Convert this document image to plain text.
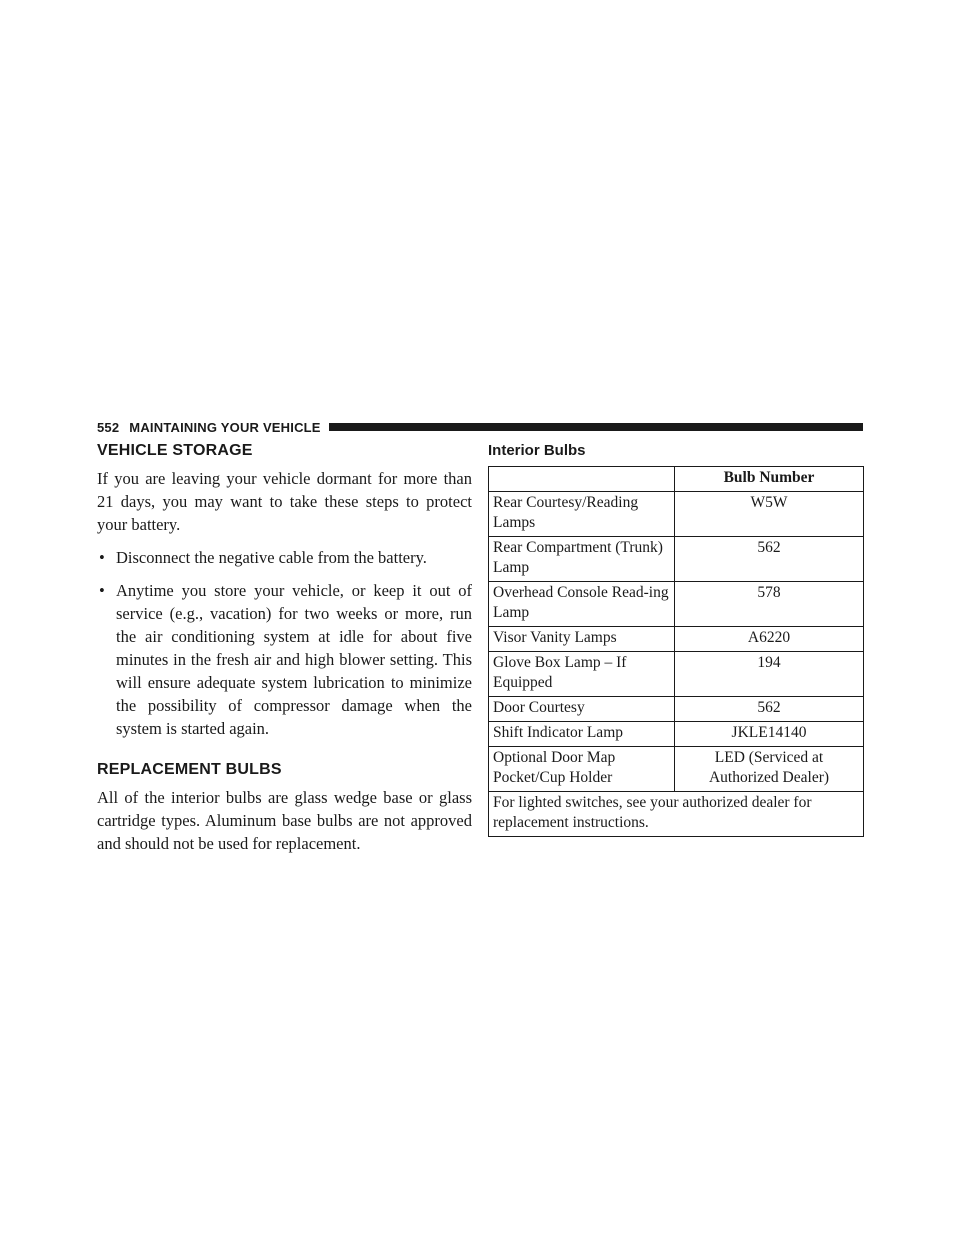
552 MAINTAINING YOUR VEHICLE
VEHICLE STORAGE

If you are leaving your vehicle dormant for more than 21 days, you may want to take these steps to protect your battery.

• Disconnect the negative cable from the battery.
• Anytime you store your vehicle, or keep it out of service (e.g., vacation) for two weeks or more, run the air conditioning system at idle for about five minutes in the fresh air and high blower setting. This will ensure adequate system lubrication to minimize the possibility of compressor damage when the system is started again.
REPLACEMENT BULBS

All of the interior bulbs are glass wedge base or glass cartridge types. Aluminum base bulbs are not approved and should not be used for replacement.

Interior Bulbs
	Bulb Number
Rear Courtesy/Reading Lamps	W5W
Rear Compartment (Trunk) Lamp	562
Overhead Console Read-ing Lamp	578
Visor Vanity Lamps	A6220
Glove Box Lamp – If Equipped	194
Door Courtesy	562
Shift Indicator Lamp	JKLE14140
Optional Door Map Pocket/Cup Holder	LED (Serviced at Authorized Dealer)
For lighted switches, see your authorized dealer for replacement instructions.	
